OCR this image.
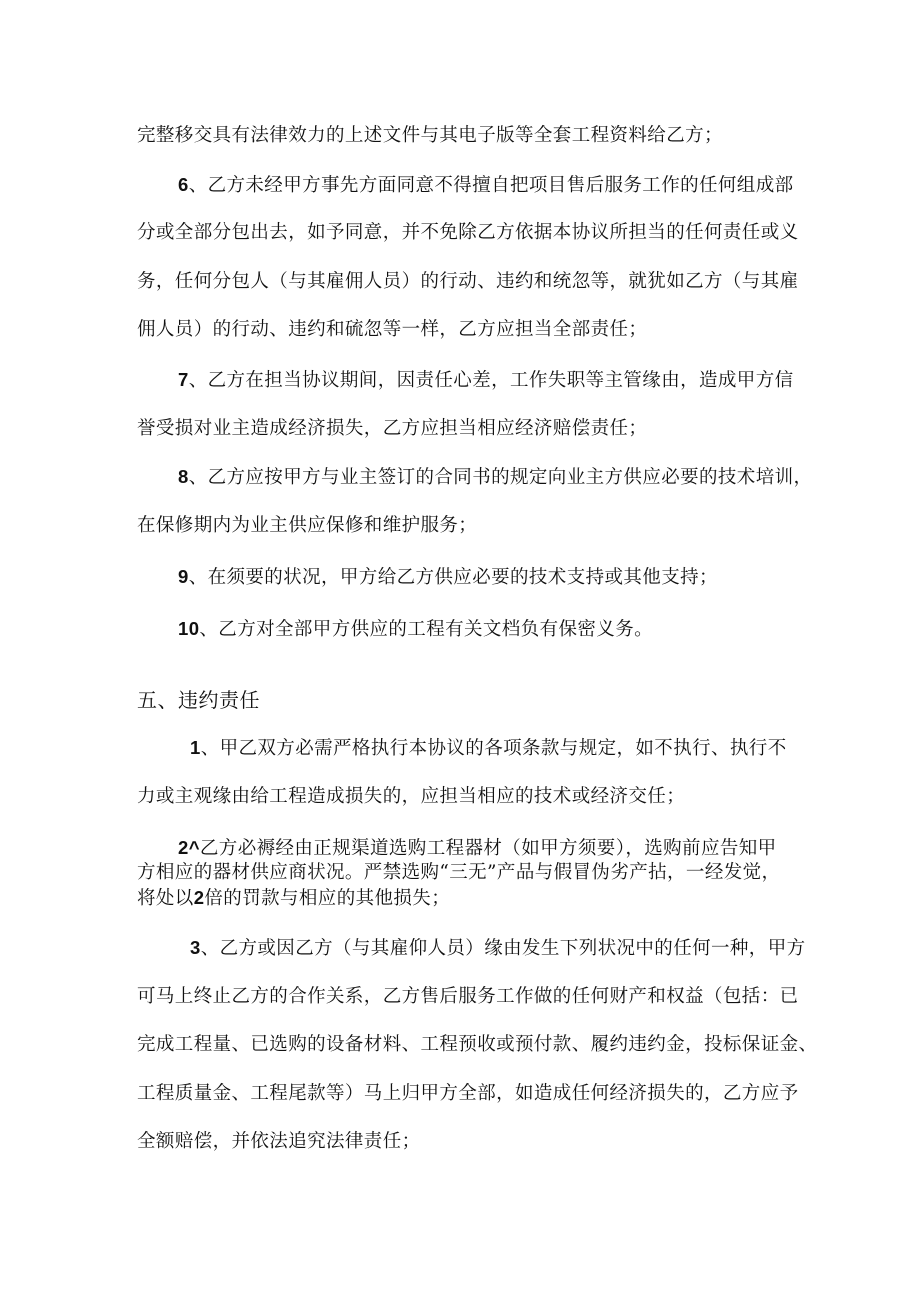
完整移交具有法律效力的上述文件与其电子版等全套工程资料给乙方；
6、乙方未经甲方事先方面同意不得擅自把项目售后服务工作的任何组成部
分或全部分包出去，如予同意，并不免除乙方依据本协议所担当的任何责任或义
务，任何分包人（与其雇佣人员）的行动、违约和统忽等，就犹如乙方（与其雇
佣人员）的行动、违约和硫忽等一样，乙方应担当全部责任；
7、乙方在担当协议期间，因责任心差，工作失职等主管缘由，造成甲方信
誉受损对业主造成经济损失，乙方应担当相应经济赔偿责任；
8、乙方应按甲方与业主签订的合同书的规定向业主方供应必要的技术培训，
在保修期内为业主供应保修和维护服务；
9、在须要的状况，甲方给乙方供应必要的技术支持或其他支持；
10、乙方对全部甲方供应的工程有关文档负有保密义务。
五、违约责任
1、甲乙双方必需严格执行本协议的各项条款与规定，如不执行、执行不
力或主观缘由给工程造成损失的，应担当相应的技术或经济交任；
2^乙方必褥经由正规渠道选购工程器材（如甲方须要），选购前应告知甲
方相应的器材供应商状况。严禁选购“三无”产品与假冒伪劣产拈，一经发觉，
将处以2倍的罚款与相应的其他损失；
3、乙方或因乙方（与其雇仰人员）缘由发生下列状况中的任何一种，甲方
可马上终止乙方的合作关系，乙方售后服务工作做的任何财产和权益（包括：已
完成工程量、已选购的设备材料、工程预收或预付款、履约违约金，投标保证金、
工程质量金、工程尾款等）马上归甲方全部，如造成任何经济损失的，乙方应予
全额赔偿，并依法追究法律责任；
